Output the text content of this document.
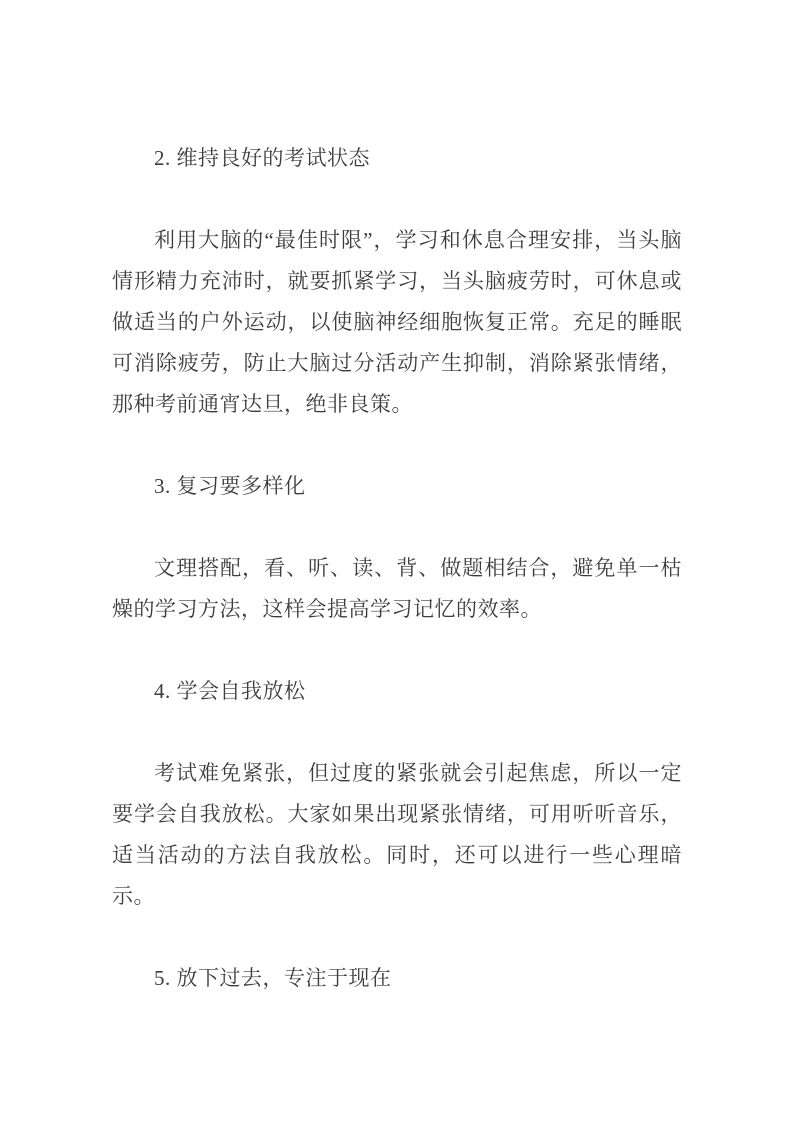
2. 维持良好的考试状态

利用大脑的“最佳时限”，学习和休息合理安排，当头脑情形精力充沛时，就要抓紧学习，当头脑疲劳时，可休息或做适当的户外运动，以使脑神经细胞恢复正常。充足的睡眠可消除疲劳，防止大脑过分活动产生抑制，消除紧张情绪，那种考前通宵达旦，绝非良策。

3. 复习要多样化

文理搭配，看、听、读、背、做题相结合，避免单一枯燥的学习方法，这样会提高学习记忆的效率。

4. 学会自我放松

考试难免紧张，但过度的紧张就会引起焦虑，所以一定要学会自我放松。大家如果出现紧张情绪，可用听听音乐，适当活动的方法自我放松。同时，还可以进行一些心理暗示。

5. 放下过去，专注于现在
